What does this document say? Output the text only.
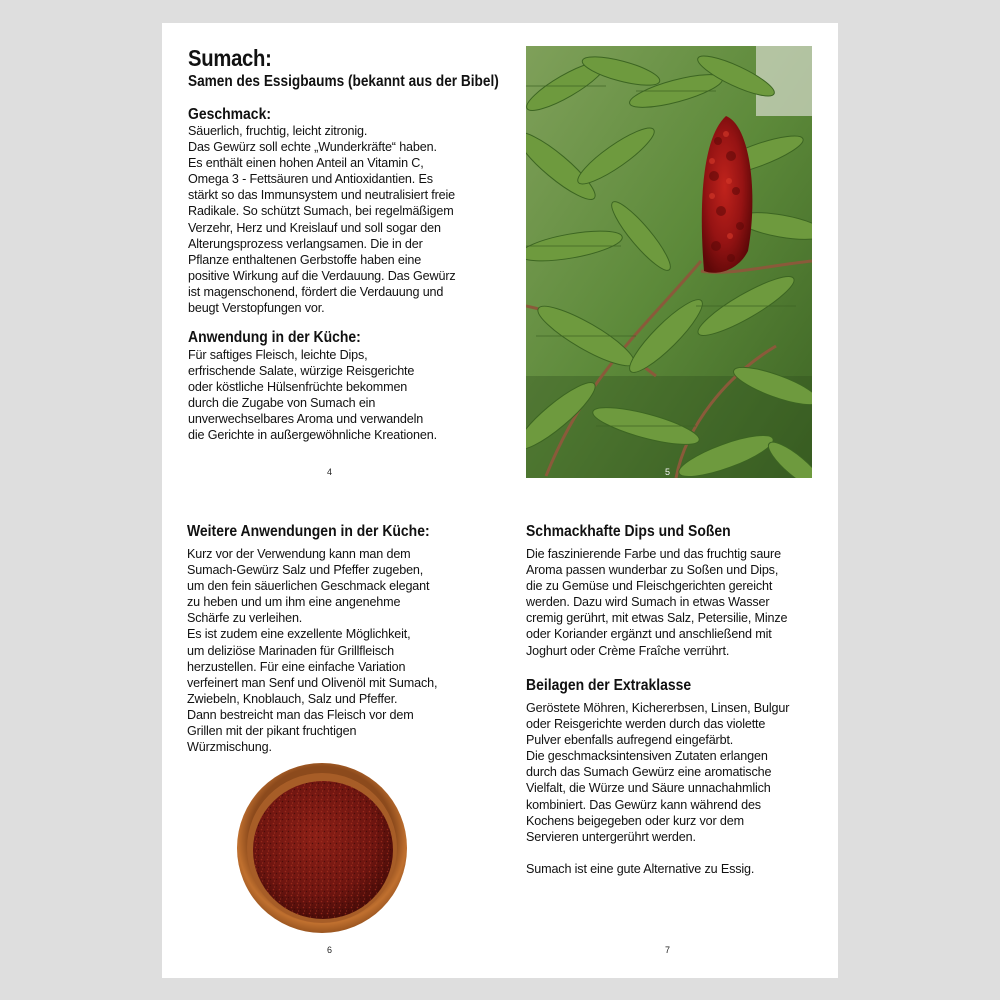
Sumach:
Samen des Essigbaums (bekannt aus der Bibel)
Geschmack:
Säuerlich, fruchtig, leicht zitronig.
Das Gewürz soll echte „Wunderkräfte“ haben.
Es enthält einen hohen Anteil an Vitamin C,
Omega 3 - Fettsäuren und Antioxidantien. Es
stärkt so das Immunsystem und neutralisiert freie
Radikale. So schützt Sumach, bei regelmäßigem
Verzehr, Herz und Kreislauf und soll sogar den
Alterungsprozess verlangsamen. Die in der
Pflanze enthaltenen Gerbstoffe haben eine
positive Wirkung auf die Verdauung. Das Gewürz
ist magenschonend, fördert die Verdauung und
beugt Verstopfungen vor.
Anwendung in der Küche:
Für saftiges Fleisch, leichte Dips,
erfrischende Salate, würzige Reisgerichte
oder köstliche Hülsenfrüchte bekommen
durch die Zugabe von Sumach ein
unverwechselbares Aroma und verwandeln
die Gerichte in außergewöhnliche Kreationen.
4	5
Weitere Anwendungen in der Küche:
Kurz vor der Verwendung kann man dem
Sumach-Gewürz Salz und Pfeffer zugeben,
um den fein säuerlichen Geschmack elegant
zu heben und um ihm eine angenehme
Schärfe zu verleihen.
Es ist zudem eine exzellente Möglichkeit,
um deliziöse Marinaden für Grillfleisch
herzustellen. Für eine einfache Variation
verfeinert man Senf und Olivenöl mit Sumach,
Zwiebeln, Knoblauch, Salz und Pfeffer.
Dann bestreicht man das Fleisch vor dem
Grillen mit der pikant fruchtigen
Würzmischung.
6
Schmackhafte Dips und Soßen
Die faszinierende Farbe und das fruchtig saure
Aroma passen wunderbar zu Soßen und Dips,
die zu Gemüse und Fleischgerichten gereicht
werden. Dazu wird Sumach in etwas Wasser
cremig gerührt, mit etwas Salz, Petersilie, Minze
oder Koriander ergänzt und anschließend mit
Joghurt oder Crème Fraîche verrührt.
Beilagen der Extraklasse
Geröstete Möhren, Kichererbsen, Linsen, Bulgur
oder Reisgerichte werden durch das violette
Pulver ebenfalls aufregend eingefärbt.
Die geschmacksintensiven Zutaten erlangen
durch das Sumach Gewürz eine aromatische
Vielfalt, die Würze und Säure unnachahmlich
kombiniert. Das Gewürz kann während des
Kochens beigegeben oder kurz vor dem
Servieren untergerührt werden.
Sumach ist eine gute Alternative zu Essig.
7
